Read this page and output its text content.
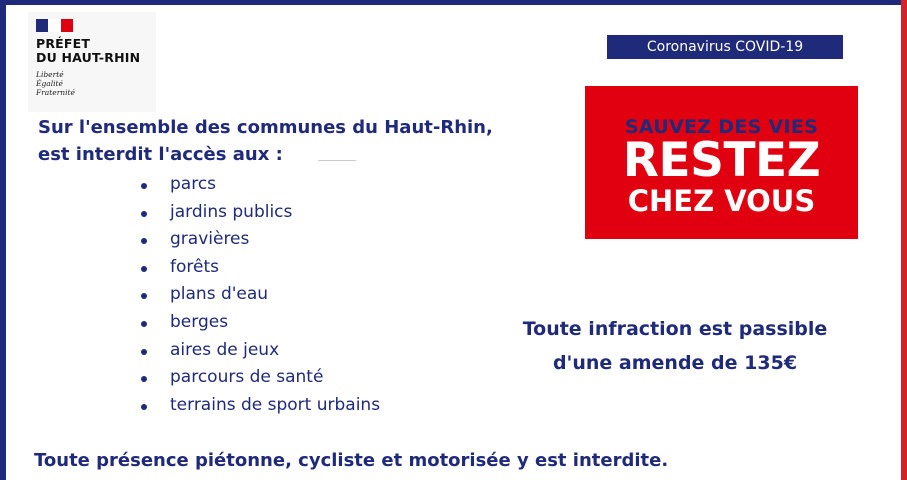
PRÉFET
DU HAUT-RHIN
Liberté
Égalité
Fraternité
Coronavirus COVID-19
SAUVEZ DES VIES
RESTEZ
CHEZ VOUS
Sur l'ensemble des communes du Haut-Rhin,
est interdit l'accès aux :
parcs
jardins publics
gravières
forêts
plans d'eau
berges
aires de jeux
parcours de santé
terrains de sport urbains
Toute infraction est passible
d'une amende de 135€
Toute présence piétonne, cycliste et motorisée y est interdite.
